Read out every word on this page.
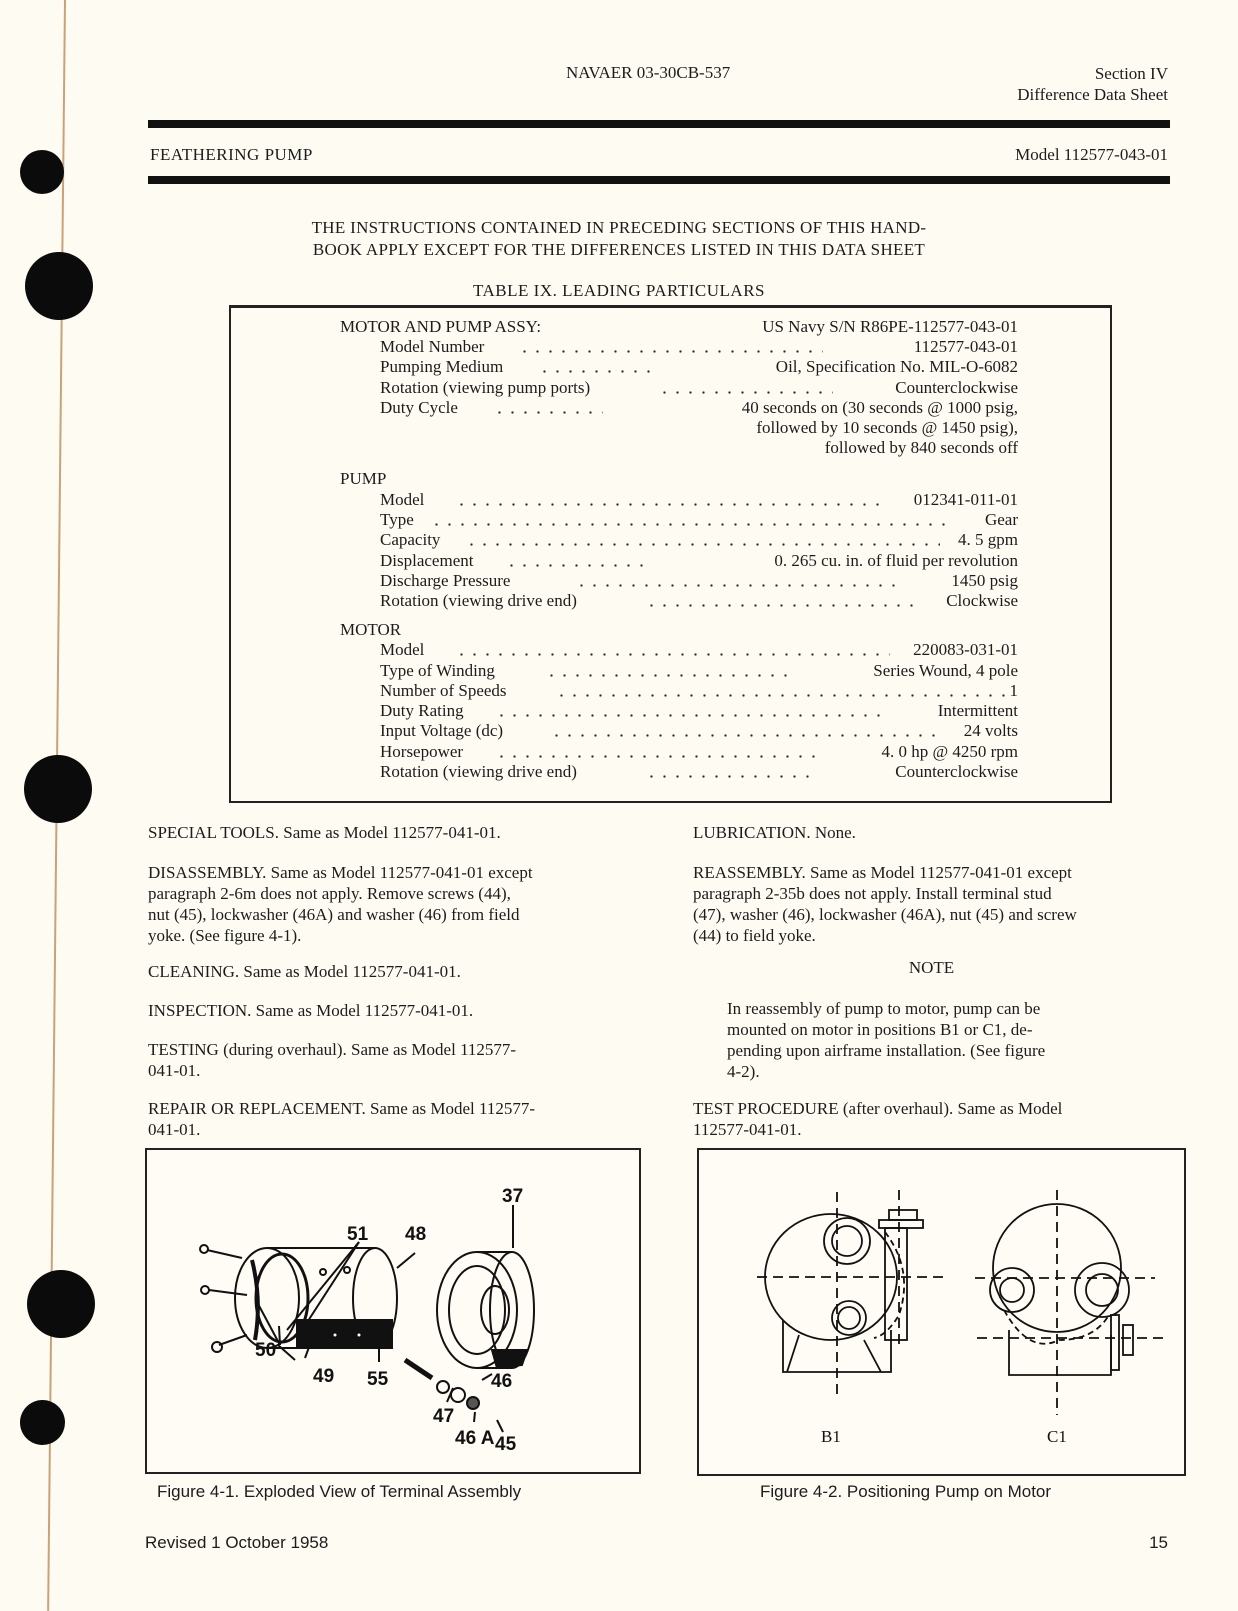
NAVAER 03-30CB-537	Section IV
Difference Data Sheet
FEATHERING PUMP	Model 112577-043-01
THE INSTRUCTIONS CONTAINED IN PRECEDING SECTIONS OF THIS HAND-
BOOK APPLY EXCEPT FOR THE DIFFERENCES LISTED IN THIS DATA SHEET
TABLE IX. LEADING PARTICULARS
MOTOR AND PUMP ASSY:	US Navy S/N R86PE-112577-043-01
Model Number	112577-043-01
Pumping Medium	Oil, Specification No. MIL-O-6082
Rotation (viewing pump ports)	Counterclockwise
Duty Cycle	40 seconds on (30 seconds @ 1000 psig,
followed by 10 seconds @ 1450 psig),
followed by 840 seconds off
PUMP
Model	012341-011-01
Type	Gear
Capacity	4. 5 gpm
Displacement	0. 265 cu. in. of fluid per revolution
Discharge Pressure	1450 psig
Rotation (viewing drive end)	Clockwise
MOTOR
Model	220083-031-01
Type of Winding	Series Wound, 4 pole
Number of Speeds	1
Duty Rating	Intermittent
Input Voltage (dc)	24 volts
Horsepower	4. 0 hp @ 4250 rpm
Rotation (viewing drive end)	Counterclockwise
SPECIAL TOOLS. Same as Model 112577-041-01.
DISASSEMBLY. Same as Model 112577-041-01 except
paragraph 2-6m does not apply. Remove screws (44),
nut (45), lockwasher (46A) and washer (46) from field
yoke. (See figure 4-1).
CLEANING. Same as Model 112577-041-01.
INSPECTION. Same as Model 112577-041-01.
TESTING (during overhaul). Same as Model 112577-
041-01.
REPAIR OR REPLACEMENT. Same as Model 112577-
041-01.
LUBRICATION. None.
REASSEMBLY. Same as Model 112577-041-01 except
paragraph 2-35b does not apply. Install terminal stud
(47), washer (46), lockwasher (46A), nut (45) and screw
(44) to field yoke.
NOTE
In reassembly of pump to motor, pump can be
mounted on motor in positions B1 or C1, de-
pending upon airframe installation. (See figure
4-2).
TEST PROCEDURE (after overhaul). Same as Model
112577-041-01.
37
51 48
50
49 55	46
47
46 A 45
Figure 4-1. Exploded View of Terminal Assembly
B1	C1
Figure 4-2. Positioning Pump on Motor
Revised 1 October 1958	15
